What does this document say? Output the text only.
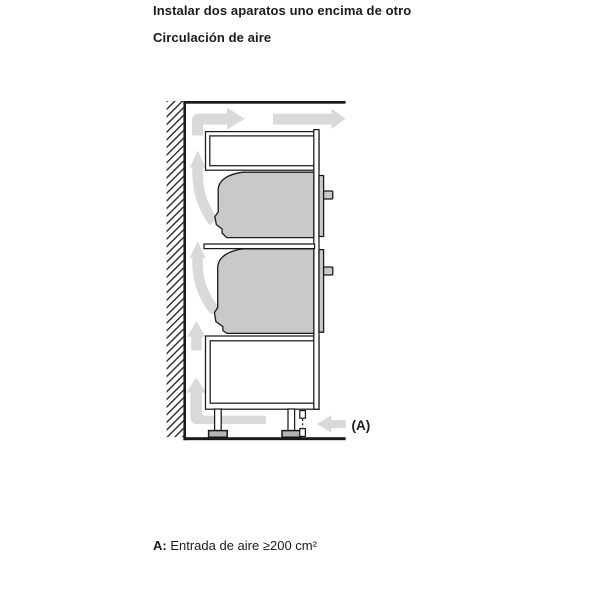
Instalar dos aparatos uno encima de otro
Circulación de aire
(A)

A: Entrada de aire ≥200 cm²
